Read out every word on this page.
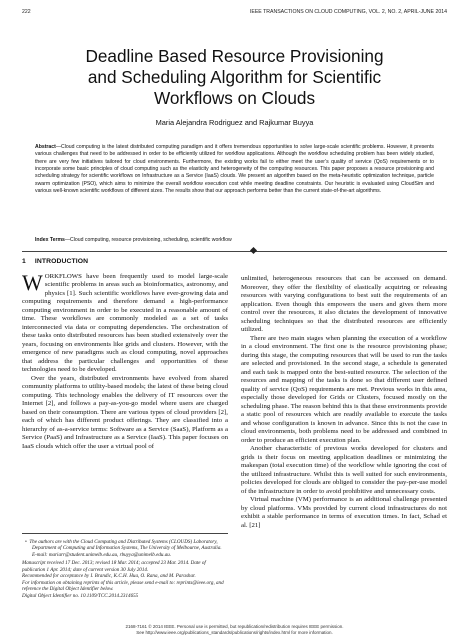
222	IEEE TRANSACTIONS ON CLOUD COMPUTING, VOL. 2, NO. 2, APRIL-JUNE 2014
Deadline Based Resource Provisioning
and Scheduling Algorithm for Scientific
Workflows on Clouds
Maria Alejandra Rodriguez and Rajkumar Buyya
Abstract—Cloud computing is the latest distributed computing paradigm and it offers tremendous opportunities to solve large-scale scientific problems. However, it presents various challenges that need to be addressed in order to be efficiently utilized for workflow applications. Although the workflow scheduling problem has been widely studied, there are very few initiatives tailored for cloud environments. Furthermore, the existing works fail to either meet the user’s quality of service (QoS) requirements or to incorporate some basic principles of cloud computing such as the elasticity and heterogeneity of the computing resources. This paper proposes a resource provisioning and scheduling strategy for scientific workflows on Infrastructure as a Service (IaaS) clouds. We present an algorithm based on the meta-heuristic optimization technique, particle swarm optimization (PSO), which aims to minimize the overall workflow execution cost while meeting deadline constraints. Our heuristic is evaluated using CloudSim and various well-known scientific workflows of different sizes. The results show that our approach performs better than the current state-of-the-art algorithms.
Index Terms—Cloud computing, resource provisioning, scheduling, scientific workflow
1 INTRODUCTION

WORKFLOWS have been frequently used to model large-scale scientific problems in areas such as bioinformatics, astronomy, and physics [1]. Such scientific workflows have ever-growing data and computing requirements and therefore demand a high-performance computing environment in order to be executed in a reasonable amount of time. These workflows are commonly modeled as a set of tasks interconnected via data or computing dependencies. The orchestration of these tasks onto distributed resources has been studied extensively over the years, focusing on environments like grids and clusters. However, with the emergence of new paradigms such as cloud computing, novel approaches that address the particular challenges and opportunities of these technologies need to be developed.

Over the years, distributed environments have evolved from shared community platforms to utility-based models; the latest of these being cloud computing. This technology enables the delivery of IT resources over the Internet [2], and follows a pay-as-you-go model where users are charged based on their consumption. There are various types of cloud providers [2], each of which has different product offerings. They are classified into a hierarchy of as-a-service terms: Software as a Service (SaaS), Platform as a Service (PaaS) and Infrastructure as a Service (IaaS). This paper focuses on IaaS clouds which offer the user a virtual pool of

• The authors are with the Cloud Computing and Distributed Systems (CLOUDS) Laboratory, Department of Computing and Information Systems, The University of Melbourne, Australia.
E-mail: mariarr@student.unimelb.edu.au, rbuyya@unimelb.edu.au.

Manuscript received 17 Dec. 2013; revised 18 Mar. 2014; accepted 23 Mar. 2014. Date of publication 1 Apr. 2014; date of current version 30 July 2014.

Recommended for acceptance by I. Brandic, K.C.H. Hua, O. Rana, and M. Parashar.

For information on obtaining reprints of this article, please send e-mail to: reprints@ieee.org, and reference the Digital Object Identifier below.

Digital Object Identifier no. 10.1109/TCC.2014.2314655

unlimited, heterogeneous resources that can be accessed on demand. Moreover, they offer the flexibility of elastically acquiring or releasing resources with varying configurations to best suit the requirements of an application. Even though this empowers the users and gives them more control over the resources, it also dictates the development of innovative scheduling techniques so that the distributed resources are efficiently utilized.

There are two main stages when planning the execution of a workflow in a cloud environment. The first one is the resource provisioning phase; during this stage, the computing resources that will be used to run the tasks are selected and provisioned. In the second stage, a schedule is generated and each task is mapped onto the best-suited resource. The selection of the resources and mapping of the tasks is done so that different user defined quality of service (QoS) requirements are met. Previous works in this area, especially those developed for Grids or Clusters, focused mostly on the scheduling phase. The reason behind this is that these environments provide a static pool of resources which are readily available to execute the tasks and whose configuration is known in advance. Since this is not the case in cloud environments, both problems need to be addressed and combined in order to produce an efficient execution plan.

Another characteristic of previous works developed for clusters and grids is their focus on meeting application deadlines or minimizing the makespan (total execution time) of the workflow while ignoring the cost of the utilized infrastructure. Whilst this is well suited for such environments, policies developed for clouds are obliged to consider the pay-per-use model of the infrastructure in order to avoid prohibitive and unnecessary costs.

Virtual machine (VM) performance is an additional challenge presented by cloud platforms. VMs provided by current cloud infrastructures do not exhibit a stable performance in terms of execution times. In fact, Schad et al. [21]

2168-7161 © 2014 IEEE. Personal use is permitted, but republication/redistribution requires IEEE permission.
See http://www.ieee.org/publications_standards/publications/rights/index.html for more information.
